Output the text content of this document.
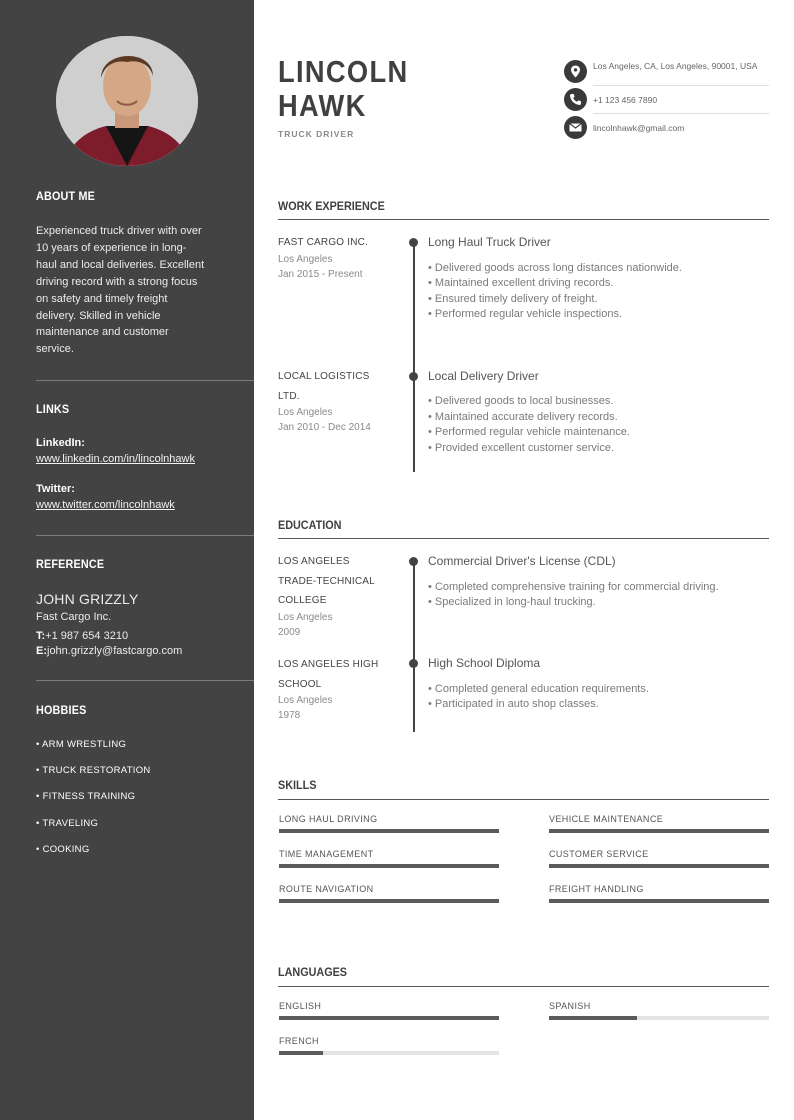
ABOUT ME
Experienced truck driver with over
10 years of experience in long-
haul and local deliveries. Excellent
driving record with a strong focus
on safety and timely freight
delivery. Skilled in vehicle
maintenance and customer
service.
LINKS
LinkedIn:
www.linkedin.com/in/lincolnhawk
Twitter:
www.twitter.com/lincolnhawk
REFERENCE
JOHN GRIZZLY
Fast Cargo Inc.
T:+1 987 654 3210
E:john.grizzly@fastcargo.com
HOBBIES
• ARM WRESTLING
• TRUCK RESTORATION
• FITNESS TRAINING
• TRAVELING
• COOKING
LINCOLN
HAWK
TRUCK DRIVER
Los Angeles, CA, Los Angeles, 90001, USA
+1 123 456 7890
lincolnhawk@gmail.com
WORK EXPERIENCE
FAST CARGO INC.
Los Angeles
Jan 2015 - Present
Long Haul Truck Driver
• Delivered goods across long distances nationwide.
• Maintained excellent driving records.
• Ensured timely delivery of freight.
• Performed regular vehicle inspections.
LOCAL LOGISTICS
LTD.
Los Angeles
Jan 2010 - Dec 2014
Local Delivery Driver
• Delivered goods to local businesses.
• Maintained accurate delivery records.
• Performed regular vehicle maintenance.
• Provided excellent customer service.
EDUCATION
LOS ANGELES
TRADE-TECHNICAL
COLLEGE
Los Angeles
2009
Commercial Driver's License (CDL)
• Completed comprehensive training for commercial driving.
• Specialized in long-haul trucking.
LOS ANGELES HIGH
SCHOOL
Los Angeles
1978
High School Diploma
• Completed general education requirements.
• Participated in auto shop classes.
SKILLS
LONG HAUL DRIVING	VEHICLE MAINTENANCE
TIME MANAGEMENT	CUSTOMER SERVICE
ROUTE NAVIGATION	FREIGHT HANDLING
LANGUAGES
ENGLISH	SPANISH
FRENCH
